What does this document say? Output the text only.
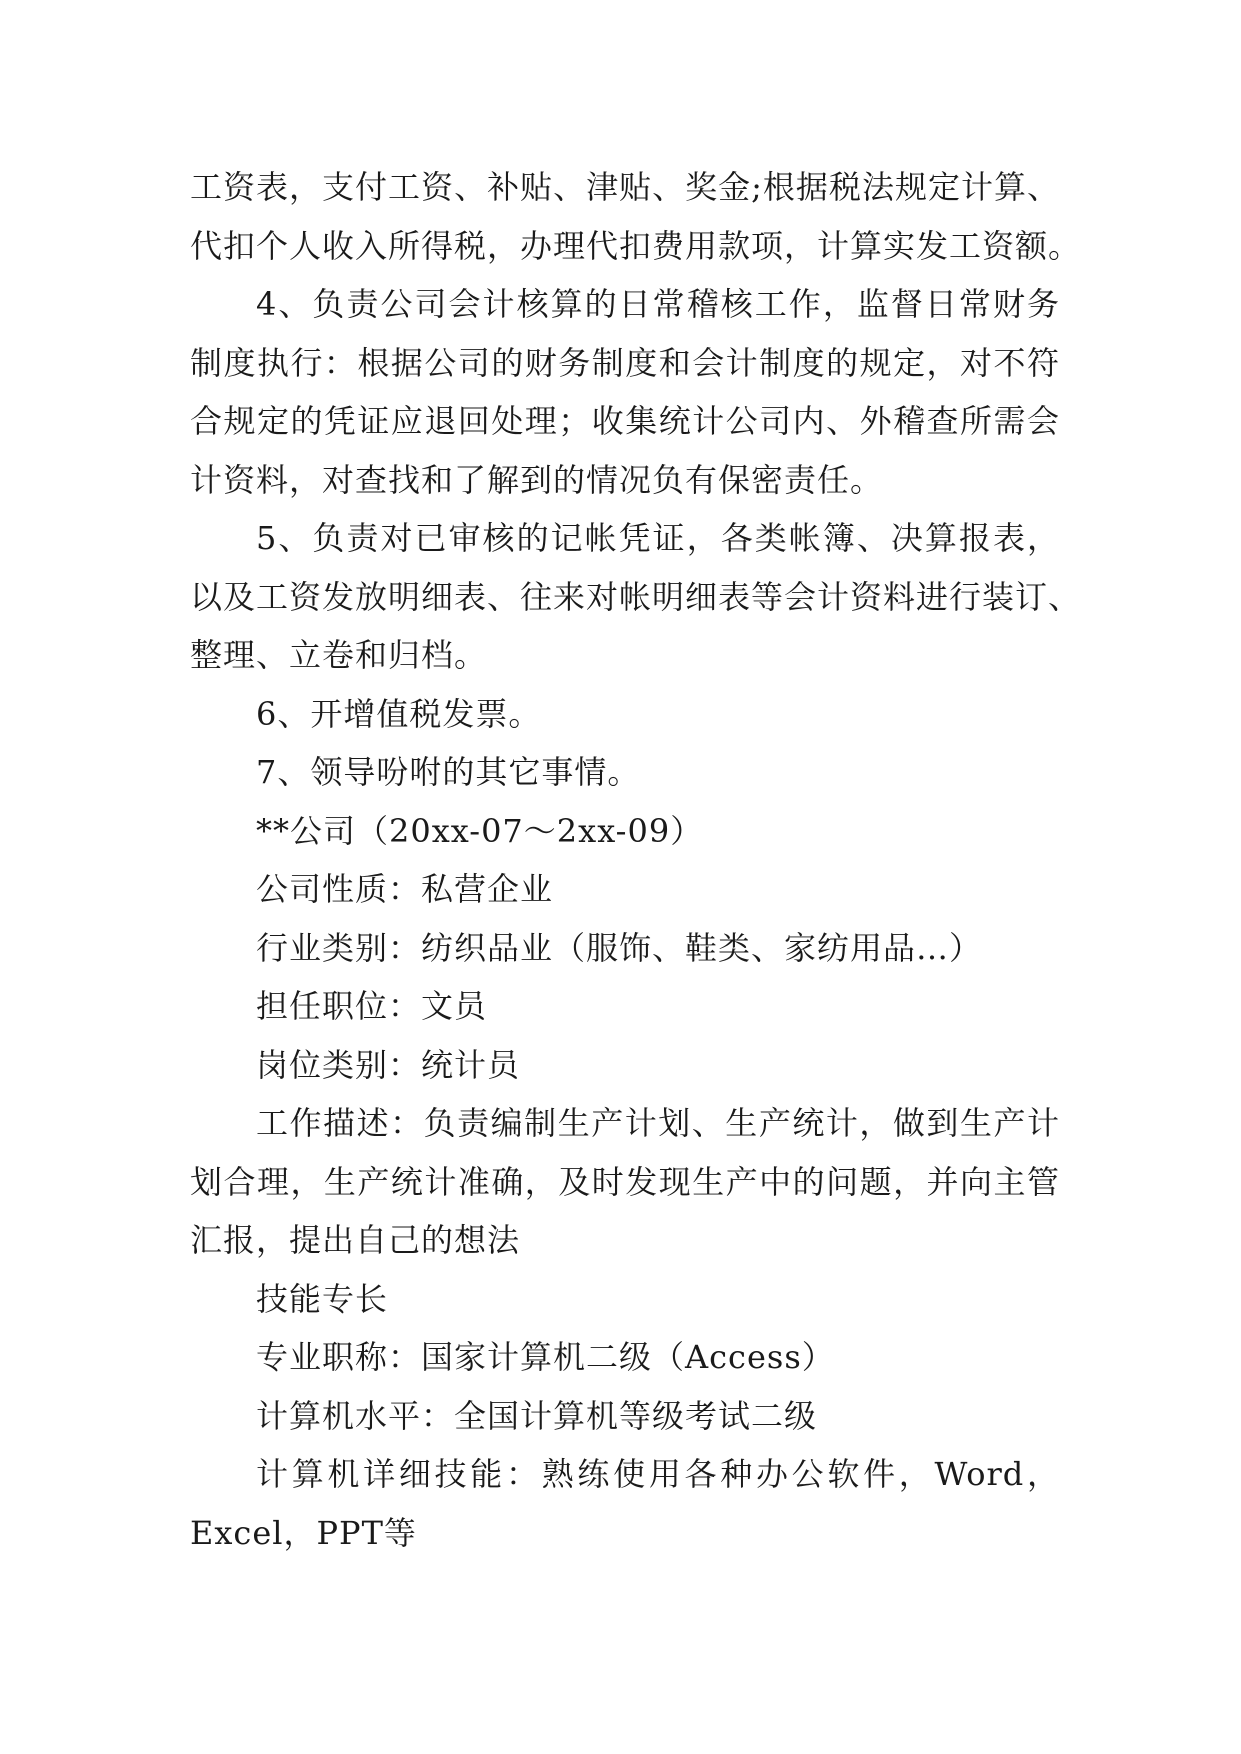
工资表，支付工资、补贴、津贴、奖金;根据税法规定计算、
代扣个人收入所得税，办理代扣费用款项，计算实发工资额。
4、负责公司会计核算的日常稽核工作，监督日常财务
制度执行：根据公司的财务制度和会计制度的规定，对不符
合规定的凭证应退回处理；收集统计公司内、外稽查所需会
计资料，对查找和了解到的情况负有保密责任。
5、负责对已审核的记帐凭证，各类帐簿、决算报表，
以及工资发放明细表、往来对帐明细表等会计资料进行装订、
整理、立卷和归档。
6、开增值税发票。
7、领导吩咐的其它事情。
**公司（20xx-07～2xx-09）
公司性质：私营企业
行业类别：纺织品业（服饰、鞋类、家纺用品…）
担任职位：文员
岗位类别：统计员
工作描述：负责编制生产计划、生产统计，做到生产计
划合理，生产统计准确，及时发现生产中的问题，并向主管
汇报，提出自己的想法
技能专长
专业职称：国家计算机二级（Access）
计算机水平：全国计算机等级考试二级
计算机详细技能：熟练使用各种办公软件，Word，
Excel，PPT等
